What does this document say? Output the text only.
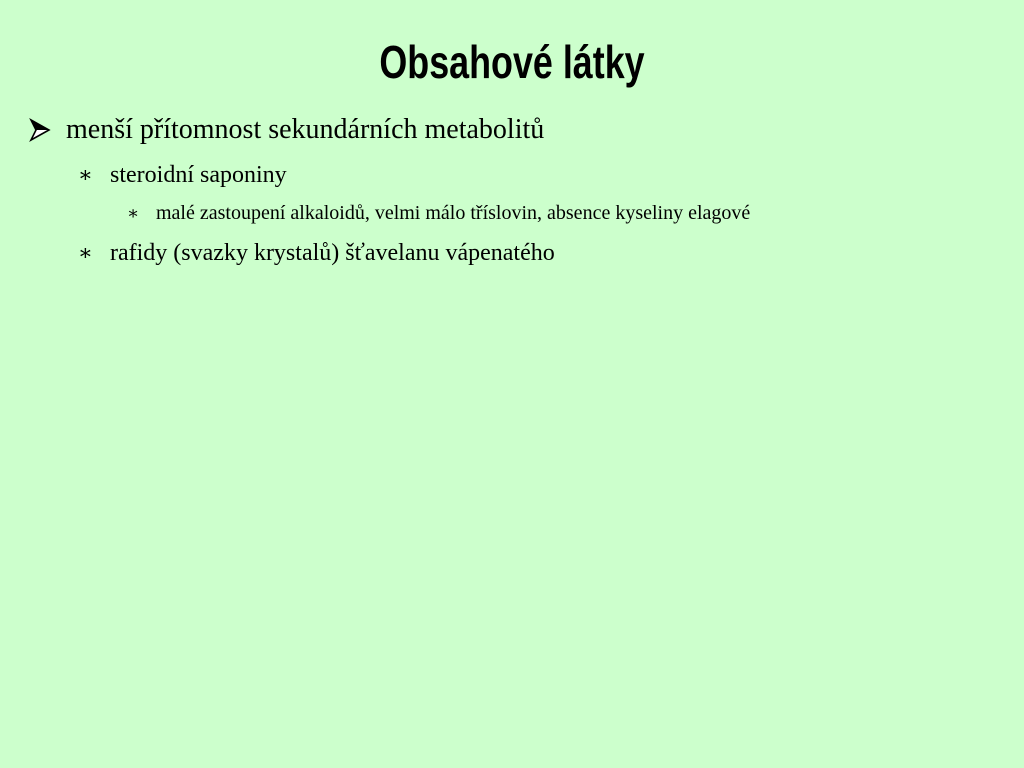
Obsahové látky
menší přítomnost sekundárních metabolitů
∗ steroidní saponiny
∗ malé zastoupení alkaloidů, velmi málo tříslovin, absence kyseliny elagové
∗ rafidy (svazky krystalů) šťavelanu vápenatého
